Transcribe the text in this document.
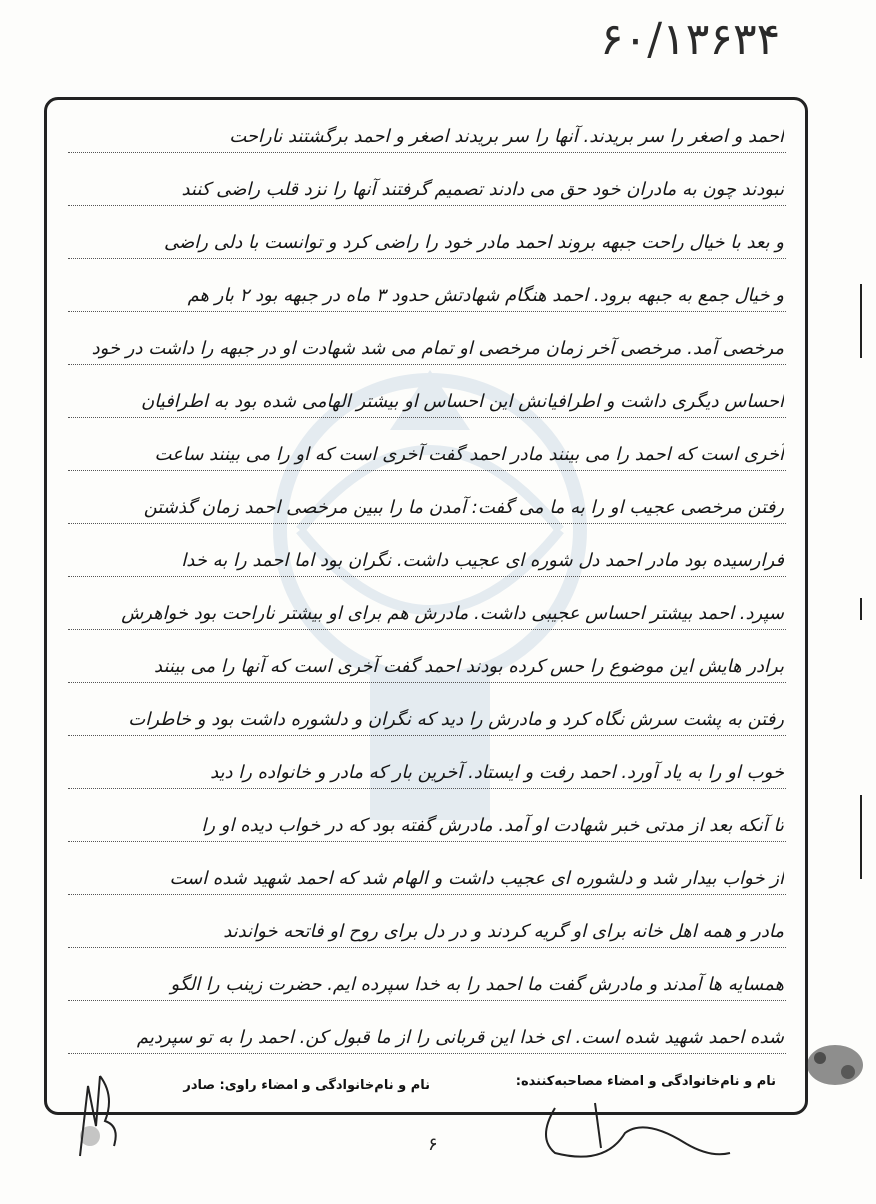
۶۰/۱۳۶۳۴
احمد و اصغر را سر بریدند. آنها را سر بریدند اصغر و احمد برگشتند ناراحت
نبودند چون به مادران خود حق می دادند تصمیم گرفتند آنها را نزد قلب راضی کنند
و بعد با خیال راحت جبهه بروند احمد مادر خود را راضی کرد و توانست با دلی راضی
و خیال جمع به جبهه برود. احمد هنگام شهادتش حدود ۳ ماه در جبهه بود ۲ بار هم
مرخصی آمد. مرخصی آخر زمان مرخصی او تمام می شد شهادت او در جبهه را داشت در خود
احساس دیگری داشت و اطرافیانش این احساس او بیشتر الهامی شده بود به اطرافیان
آخری است که احمد را می بینند مادر احمد گفت آخری است که او را می بینند ساعت
رفتن مرخصی عجیب او را به ما می گفت: آمدن ما را ببین مرخصی احمد زمان گذشتن
فرارسیده بود مادر احمد دل شوره ای عجیب داشت. نگران بود اما احمد را به خدا
سپرد. احمد بیشتر احساس عجیبی داشت. مادرش هم برای او بیشتر ناراحت بود خواهرش
برادر هایش این موضوع را حس کرده بودند احمد گفت آخری است که آنها را می بینند
رفتن به پشت سرش نگاه کرد و مادرش را دید که نگران و دلشوره داشت بود و خاطرات
خوب او را به یاد آورد. احمد رفت و ایستاد. آخرین بار که مادر و خانواده را دید
تا آنکه بعد از مدتی خبر شهادت او آمد. مادرش گفته بود که در خواب دیده او را
از خواب بیدار شد و دلشوره ای عجیب داشت و الهام شد که احمد شهید شده است
مادر و همه اهل خانه برای او گریه کردند و در دل برای روح او فاتحه خواندند
همسایه ها آمدند و مادرش گفت ما احمد را به خدا سپرده ایم. حضرت زینب را الگو
شده احمد شهید شده است. ای خدا این قربانی را از ما قبول کن. احمد را به تو سپردیم
نام و نام‌خانوادگی و امضاء مصاحبه‌کننده:
نام و نام‌خانوادگی و امضاء راوی: صادر
۶
